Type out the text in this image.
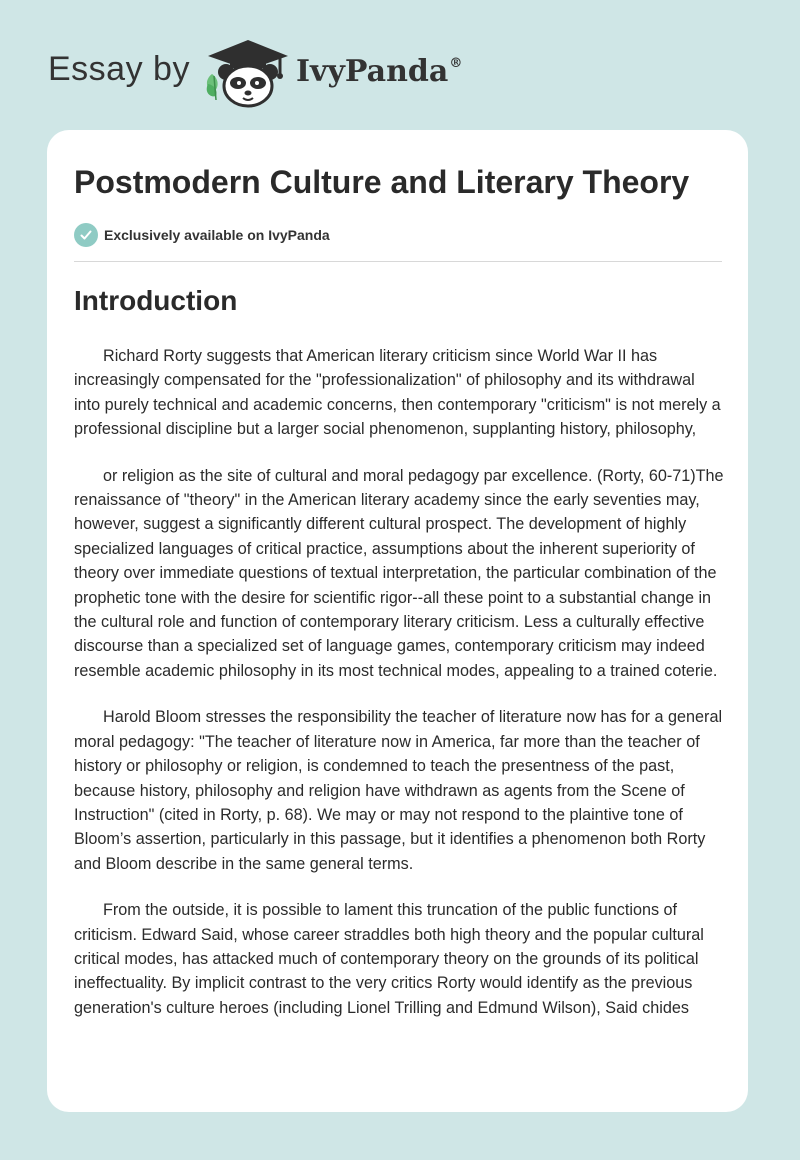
Essay by	IvyPanda®
Postmodern Culture and Literary Theory
Exclusively available on IvyPanda
Introduction

Richard Rorty suggests that American literary criticism since World War II has increasingly compensated for the "professionalization" of philosophy and its withdrawal into purely technical and academic concerns, then contemporary "criticism" is not merely a professional discipline but a larger social phenomenon, supplanting history, philosophy,

or religion as the site of cultural and moral pedagogy par excellence. (Rorty, 60-71)The renaissance of "theory" in the American literary academy since the early seventies may, however, suggest a significantly different cultural prospect. The development of highly specialized languages of critical practice, assumptions about the inherent superiority of theory over immediate questions of textual interpretation, the particular combination of the prophetic tone with the desire for scientific rigor--all these point to a substantial change in the cultural role and function of contemporary literary criticism. Less a culturally effective discourse than a specialized set of language games, contemporary criticism may indeed resemble academic philosophy in its most technical modes, appealing to a trained coterie.

Harold Bloom stresses the responsibility the teacher of literature now has for a general moral pedagogy: "The teacher of literature now in America, far more than the teacher of history or philosophy or religion, is condemned to teach the presentness of the past, because history, philosophy and religion have withdrawn as agents from the Scene of Instruction" (cited in Rorty, p. 68). We may or may not respond to the plaintive tone of Bloom’s assertion, particularly in this passage, but it identifies a phenomenon both Rorty and Bloom describe in the same general terms.

From the outside, it is possible to lament this truncation of the public functions of criticism. Edward Said, whose career straddles both high theory and the popular cultural critical modes, has attacked much of contemporary theory on the grounds of its political ineffectuality. By implicit contrast to the very critics Rorty would identify as the previous generation's culture heroes (including Lionel Trilling and Edmund Wilson), Said chides
